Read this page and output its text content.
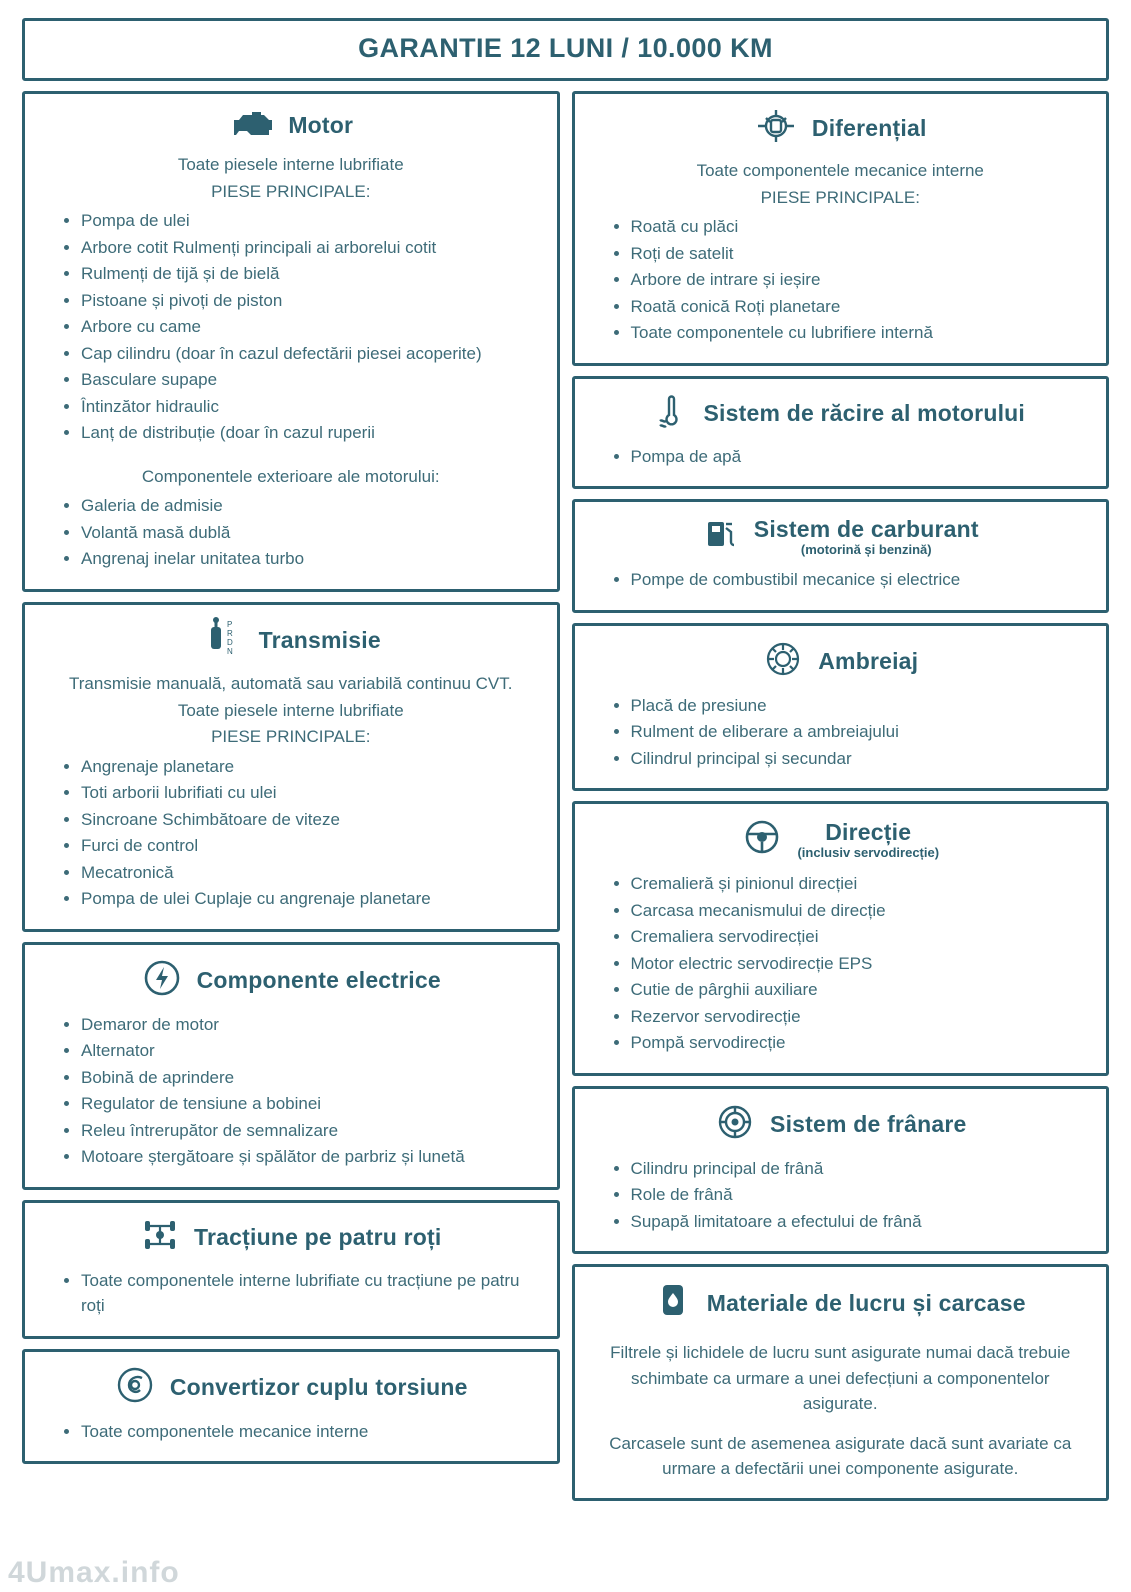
GARANTIE 12 LUNI / 10.000 KM
Motor
Toate piesele interne lubrifiate
PIESE PRINCIPALE:
• Pompa de ulei
• Arbore cotit Rulmenți principali ai arborelui cotit
• Rulmenți de tijă și de bielă
• Pistoane și pivoți de piston
• Arbore cu came
• Cap cilindru (doar în cazul defectării piesei acoperite)
• Basculare supape
• Întinzător hidraulic
• Lanț de distribuție (doar în cazul ruperii
Componentele exterioare ale motorului:
• Galeria de admisie
• Volantă masă dublă
• Angrenaj inelar unitatea turbo
P
R
D
N Transmisie
Transmisie manuală, automată sau variabilă continuu CVT.
Toate piesele interne lubrifiate
PIESE PRINCIPALE:
• Angrenaje planetare
• Toti arborii lubrifiati cu ulei
• Sincroane Schimbătoare de viteze
• Furci de control
• Mecatronică
• Pompa de ulei Cuplaje cu angrenaje planetare
Componente electrice
• Demaror de motor
• Alternator
• Bobină de aprindere
• Regulator de tensiune a bobinei
• Releu întrerupător de semnalizare
• Motoare ștergătoare și spălător de parbriz și lunetă
Tracțiune pe patru roți
• Toate componentele interne lubrifiate cu tracțiune pe patru roți
Convertizor cuplu torsiune
• Toate componentele mecanice interne
Diferențial
Toate componentele mecanice interne
PIESE PRINCIPALE:
• Roată cu plăci
• Roți de satelit
• Arbore de intrare și ieșire
• Roată conică Roți planetare
• Toate componentele cu lubrifiere internă
Sistem de răcire al motorului
• Pompa de apă
Sistem de carburant
(motorină și benzină)
• Pompe de combustibil mecanice și electrice
Ambreiaj
• Placă de presiune
• Rulment de eliberare a ambreiajului
• Cilindrul principal și secundar
Direcție
(inclusiv servodirecție)
• Cremalieră și pinionul direcției
• Carcasa mecanismului de direcție
• Cremaliera servodirecției
• Motor electric servodirecție EPS
• Cutie de pârghii auxiliare
• Rezervor servodirecție
• Pompă servodirecție
Sistem de frânare
• Cilindru principal de frână
• Role de frână
• Supapă limitatoare a efectului de frână
Materiale de lucru și carcase
Filtrele și lichidele de lucru sunt asigurate numai dacă trebuie schimbate ca urmare a unei defecțiuni a componentelor asigurate.
Carcasele sunt de asemenea asigurate dacă sunt avariate ca urmare a defectării unei componente asigurate.
4Umax.info
